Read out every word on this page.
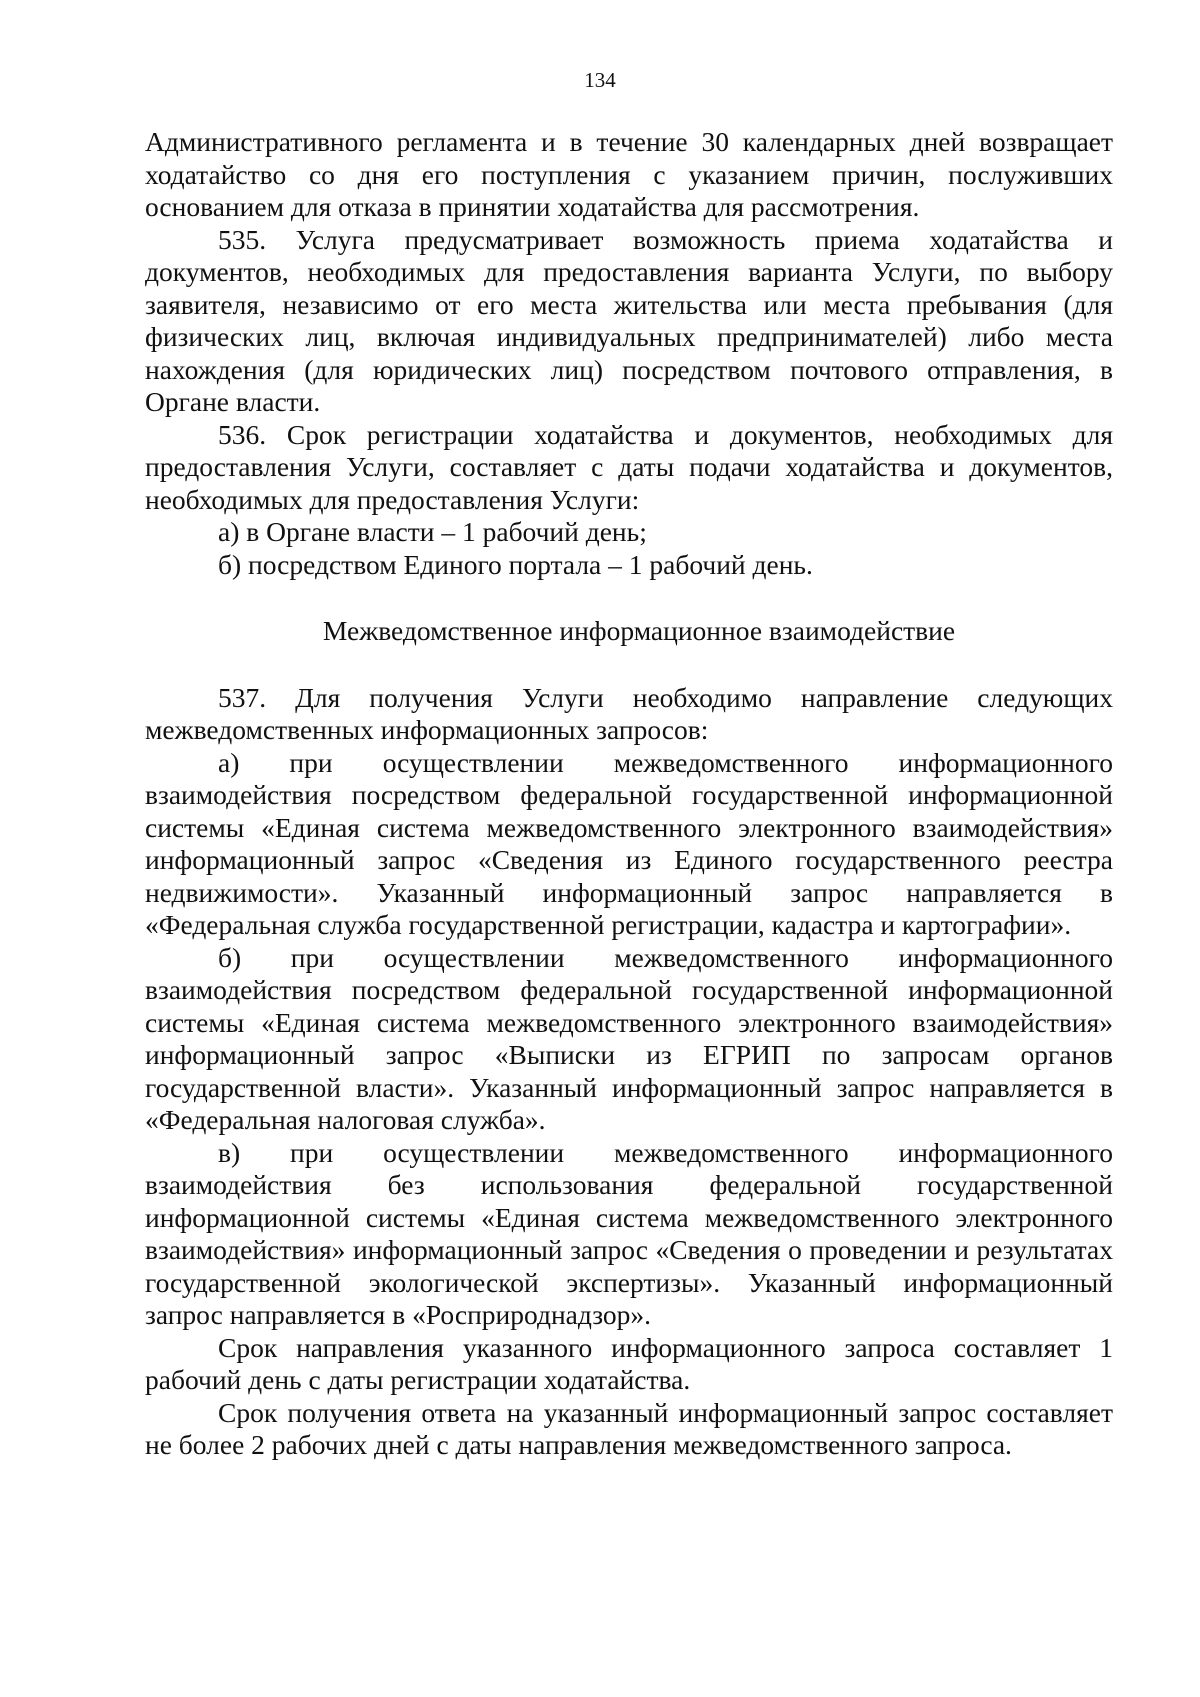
134

Административного регламента и в течение 30 календарных дней возвращает ходатайство со дня его поступления с указанием причин, послуживших основанием для отказа в принятии ходатайства для рассмотрения.

535. Услуга предусматривает возможность приема ходатайства и документов, необходимых для предоставления варианта Услуги, по выбору заявителя, независимо от его места жительства или места пребывания (для физических лиц, включая индивидуальных предпринимателей) либо места нахождения (для юридических лиц) посредством почтового отправления, в Органе власти.

536. Срок регистрации ходатайства и документов, необходимых для предоставления Услуги, составляет с даты подачи ходатайства и документов, необходимых для предоставления Услуги:

а) в Органе власти – 1 рабочий день;

б) посредством Единого портала – 1 рабочий день.

Межведомственное информационное взаимодействие

537. Для получения Услуги необходимо направление следующих межведомственных информационных запросов:

а) при осуществлении межведомственного информационного взаимодействия посредством федеральной государственной информационной системы «Единая система межведомственного электронного взаимодействия» информационный запрос «Сведения из Единого государственного реестра недвижимости». Указанный информационный запрос направляется в «Федеральная служба государственной регистрации, кадастра и картографии».

б) при осуществлении межведомственного информационного взаимодействия посредством федеральной государственной информационной системы «Единая система межведомственного электронного взаимодействия» информационный запрос «Выписки из ЕГРИП по запросам органов государственной власти». Указанный информационный запрос направляется в «Федеральная налоговая служба».

в) при осуществлении межведомственного информационного взаимодействия без использования федеральной государственной информационной системы «Единая система межведомственного электронного взаимодействия» информационный запрос «Сведения о проведении и результатах государственной экологической экспертизы». Указанный информационный запрос направляется в «Росприроднадзор».

Срок направления указанного информационного запроса составляет 1 рабочий день с даты регистрации ходатайства.

Срок получения ответа на указанный информационный запрос составляет не более 2 рабочих дней с даты направления межведомственного запроса.
